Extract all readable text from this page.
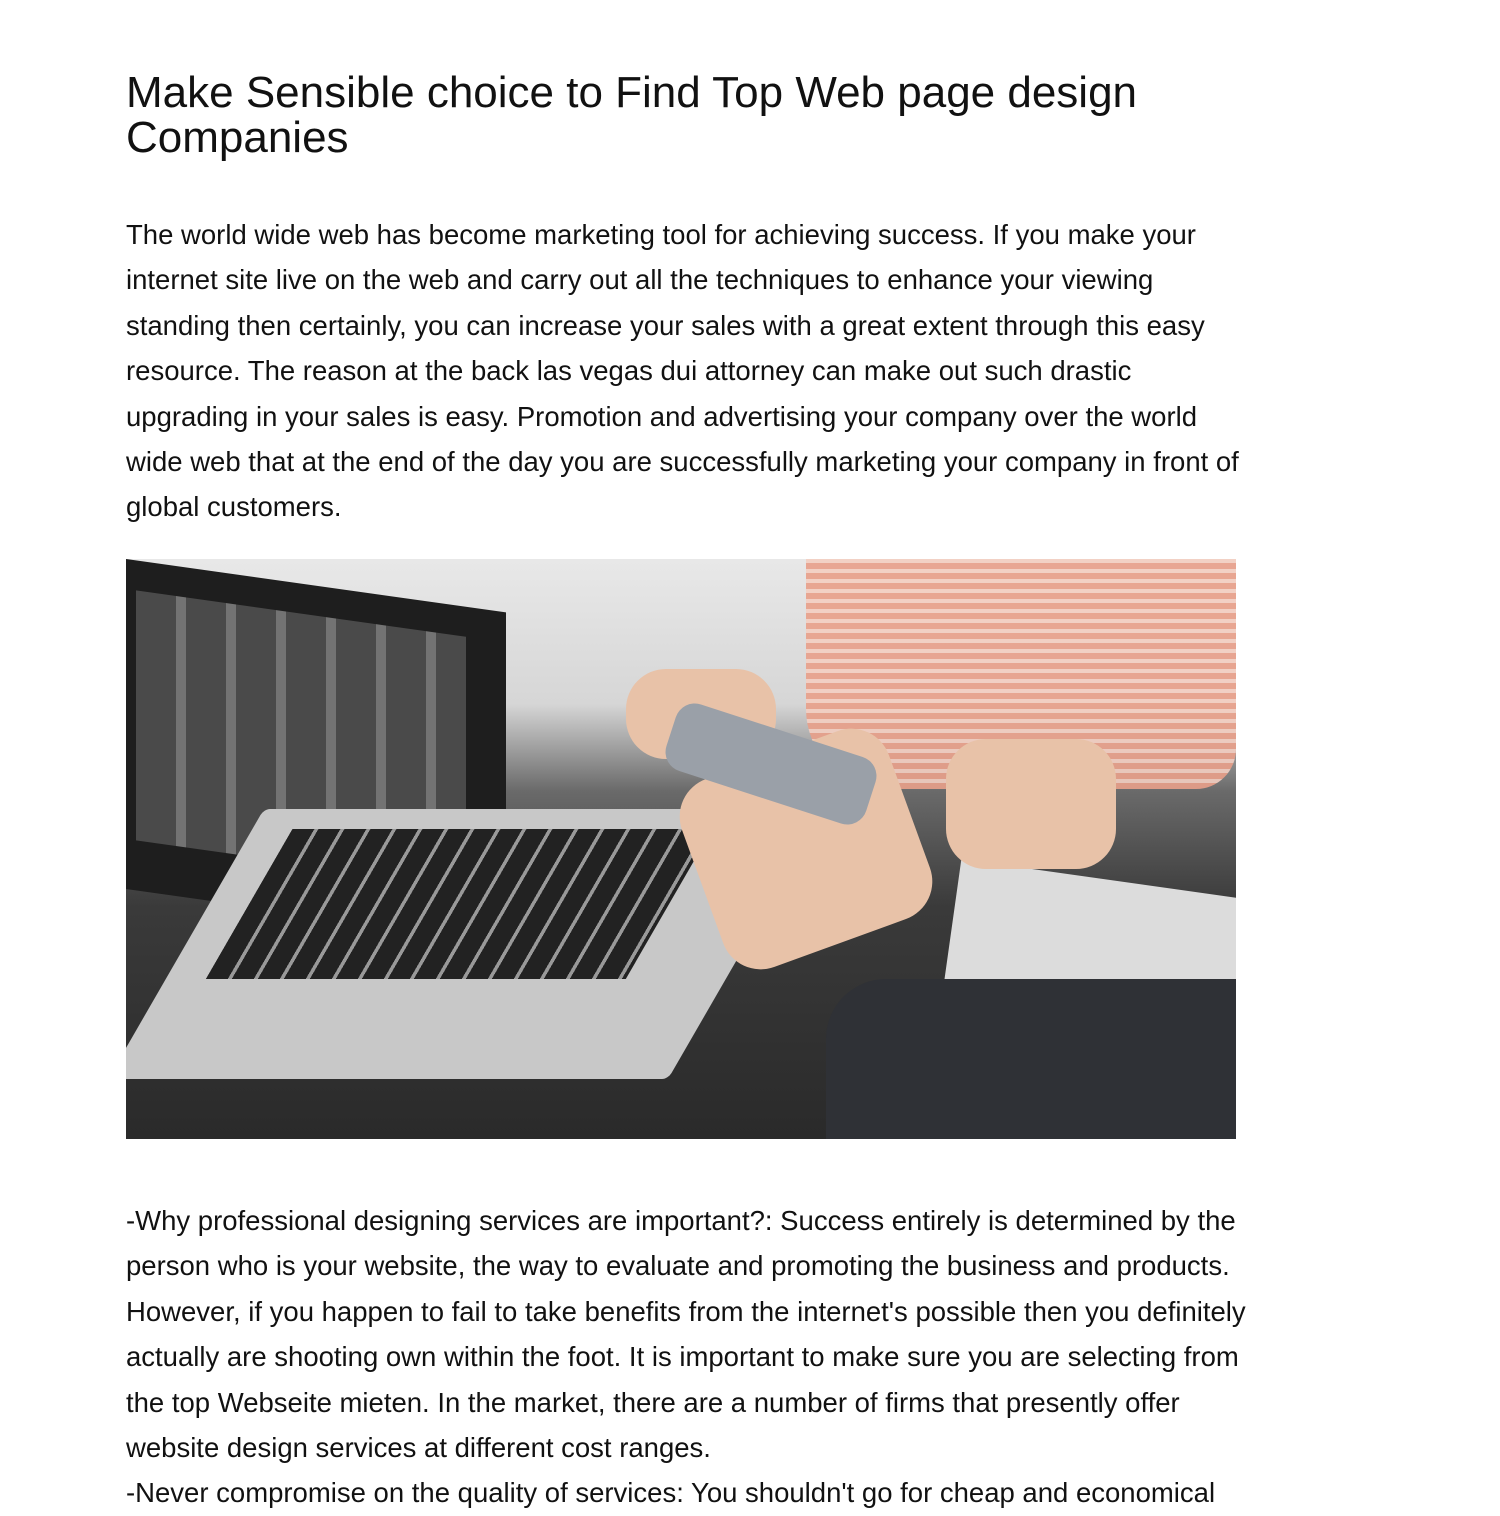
Make Sensible choice to Find Top Web page design
Companies

The world wide web has become marketing tool for achieving success. If you make your
internet site live on the web and carry out all the techniques to enhance your viewing
standing then certainly, you can increase your sales with a great extent through this easy
resource. The reason at the back las vegas dui attorney can make out such drastic
upgrading in your sales is easy. Promotion and advertising your company over the world
wide web that at the end of the day you are successfully marketing your company in front of
global customers.

-Why professional designing services are important?: Success entirely is determined by the
person who is your website, the way to evaluate and promoting the business and products.
However, if you happen to fail to take benefits from the internet's possible then you definitely
actually are shooting own within the foot. It is important to make sure you are selecting from
the top Webseite mieten. In the market, there are a number of firms that presently offer
website design services at different cost ranges.
-Never compromise on the quality of services: You shouldn't go for cheap and economical
